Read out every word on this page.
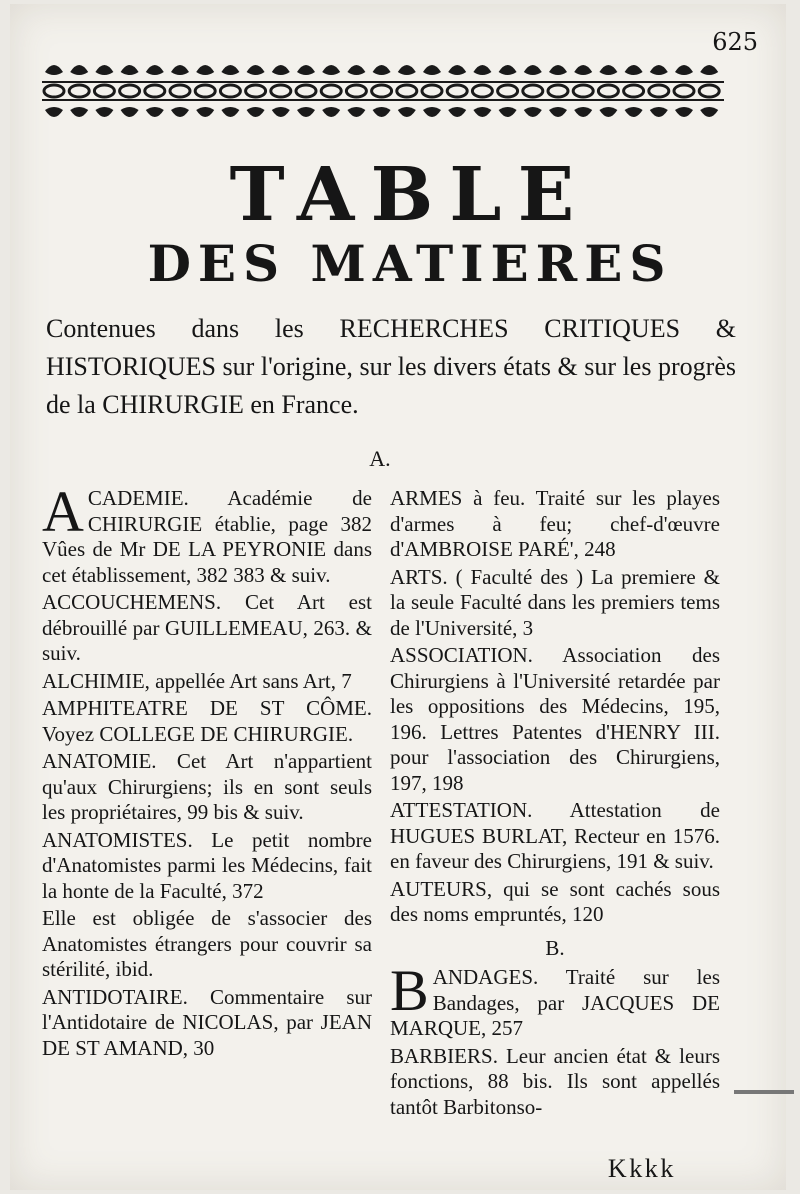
625
TABLE
DES MATIERES
Contenues dans les RECHERCHES CRITIQUES & HISTORIQUES sur l'origine, sur les divers états & sur les progrès de la CHIRURGIE en France.
A.
A CADEMIE. Académie de CHIRURGIE établie, page 382 Vûes de Mr DE LA PEYRONIE dans cet établissement, 382 383 & suiv.
ACCOUCHEMENS. Cet Art est débrouillé par GUILLEMEAU, 263. & suiv.
ALCHIMIE, appellée Art sans Art, 7
AMPHITEATRE DE ST CÔME. Voyez COLLEGE DE CHIRURGIE.
ANATOMIE. Cet Art n'appartient qu'aux Chirurgiens; ils en sont seuls les propriétaires, 99 bis & suiv.
ANATOMISTES. Le petit nombre d'Anatomistes parmi les Médecins, fait la honte de la Faculté, 372
Elle est obligée de s'associer des Anatomistes étrangers pour couvrir sa stérilité, ibid.
ANTIDOTAIRE. Commentaire sur l'Antidotaire de NICOLAS, par JEAN DE ST AMAND, 30
ARMES à feu. Traité sur les playes d'armes à feu; chef-d'œuvre d'AMBROISE PARÉ', 248
ARTS. ( Faculté des ) La premiere & la seule Faculté dans les premiers tems de l'Université, 3
ASSOCIATION. Association des Chirurgiens à l'Université retardée par les oppositions des Médecins, 195, 196. Lettres Patentes d'HENRY III. pour l'association des Chirurgiens, 197, 198
ATTESTATION. Attestation de HUGUES BURLAT, Recteur en 1576. en faveur des Chirurgiens, 191 & suiv.
AUTEURS, qui se sont cachés sous des noms empruntés, 120
B.
B ANDAGES. Traité sur les Bandages, par JACQUES DE MARQUE, 257
BARBIERS. Leur ancien état & leurs fonctions, 88 bis. Ils sont appellés tantôt Barbitonso-
Kkkk
